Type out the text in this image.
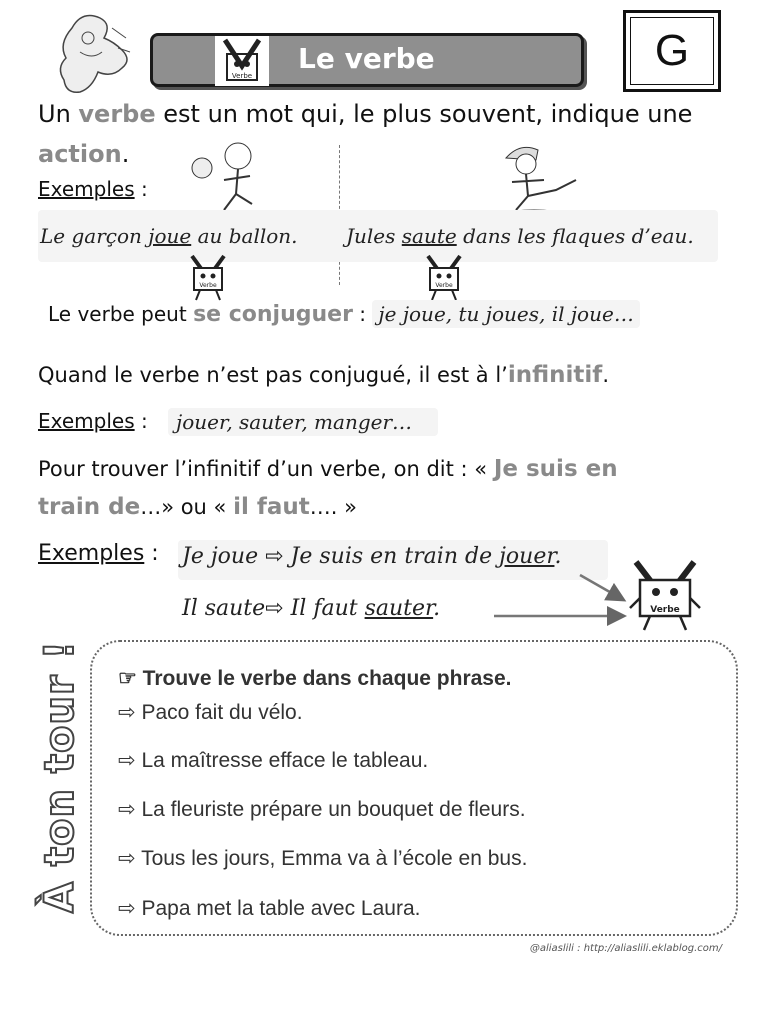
Verbe
Le verbe	G
Un verbe est un mot qui, le plus souvent, indique une
action.
Exemples :
Le garçon joue au ballon. Jules saute dans les flaques d’eau.
Verbe	Verbe
Le verbe peut se conjuguer : je joue, tu joues, il joue…
Quand le verbe n’est pas conjugué, il est à l’infinitif.
Exemples :	jouer, sauter, manger…
Pour trouver l’infinitif d’un verbe, on dit : « Je suis en
train de…» ou « il faut…. »
Exemples : Je joue ⇨ Je suis en train de jouer.
Il saute⇨ Il faut sauter.	Verbe
À ton tour ! ☞ Trouve le verbe dans chaque phrase.
⇨ Paco fait du vélo.
⇨ La maîtresse efface le tableau.
⇨ La fleuriste prépare un bouquet de fleurs.
⇨ Tous les jours, Emma va à l’école en bus.
⇨ Papa met la table avec Laura.
@aliaslili : http://aliaslili.eklablog.com/
